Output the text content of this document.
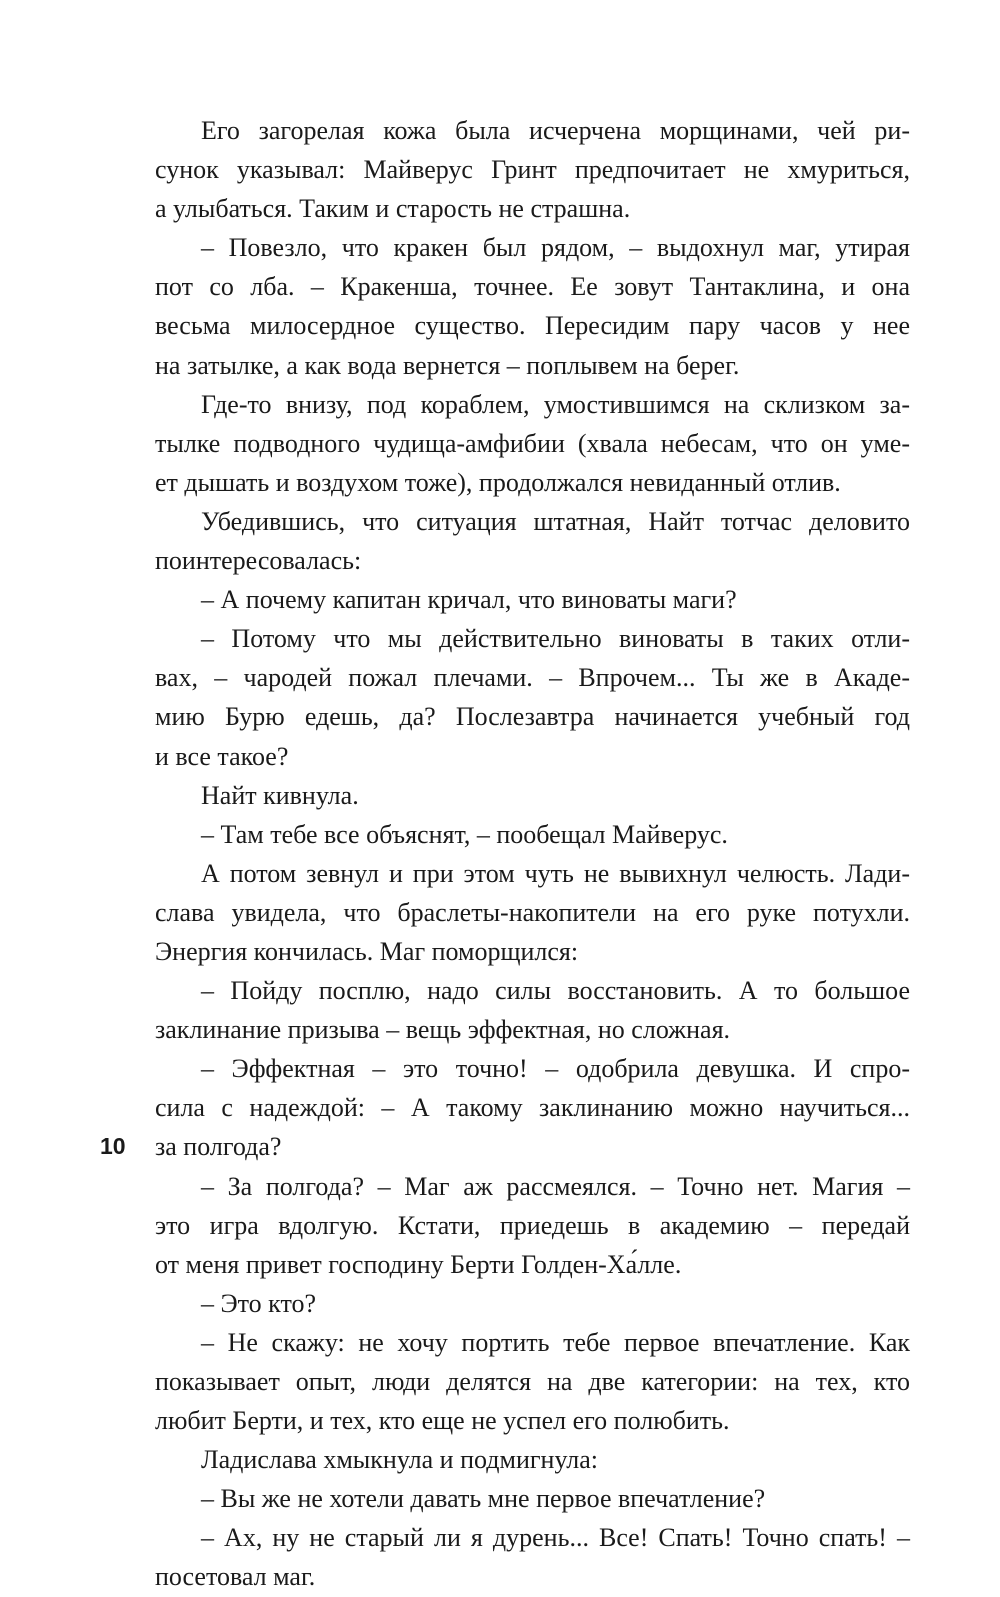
Его загорелая кожа была исчерчена морщинами, чей ри-
сунок указывал: Майверус Гринт предпочитает не хмуриться,
а улыбаться. Таким и старость не страшна.
– Повезло, что кракен был рядом, – выдохнул маг, утирая
пот со лба. – Кракенша, точнее. Ее зовут Тантаклина, и она
весьма милосердное существо. Пересидим пару часов у нее
на затылке, а как вода вернется – поплывем на берег.
Где-то внизу, под кораблем, умостившимся на склизком за-
тылке подводного чудища-амфибии (хвала небесам, что он уме-
ет дышать и воздухом тоже), продолжался невиданный отлив.
Убедившись, что ситуация штатная, Найт тотчас деловито
поинтересовалась:
– А почему капитан кричал, что виноваты маги?
– Потому что мы действительно виноваты в таких отли-
вах, – чародей пожал плечами. – Впрочем... Ты же в Акаде-
мию Бурю едешь, да? Послезавтра начинается учебный год
и все такое?
Найт кивнула.
– Там тебе все объяснят, – пообещал Майверус.
А потом зевнул и при этом чуть не вывихнул челюсть. Лади-
слава увидела, что браслеты-накопители на его руке потухли.
Энергия кончилась. Маг поморщился:
– Пойду посплю, надо силы восстановить. А то большое
заклинание призыва – вещь эффектная, но сложная.
– Эффектная – это точно! – одобрила девушка. И спро-
сила с надеждой: – А такому заклинанию можно научиться...
за полгода?
– За полгода? – Маг аж рассмеялся. – Точно нет. Магия –
это игра вдолгую. Кстати, приедешь в академию – передай
от меня привет господину Берти Голден-Ха́лле.
– Это кто?
– Не скажу: не хочу портить тебе первое впечатление. Как
показывает опыт, люди делятся на две категории: на тех, кто
любит Берти, и тех, кто еще не успел его полюбить.
Ладислава хмыкнула и подмигнула:
– Вы же не хотели давать мне первое впечатление?
– Ах, ну не старый ли я дурень... Все! Спать! Точно спать! –
посетовал маг.
10
